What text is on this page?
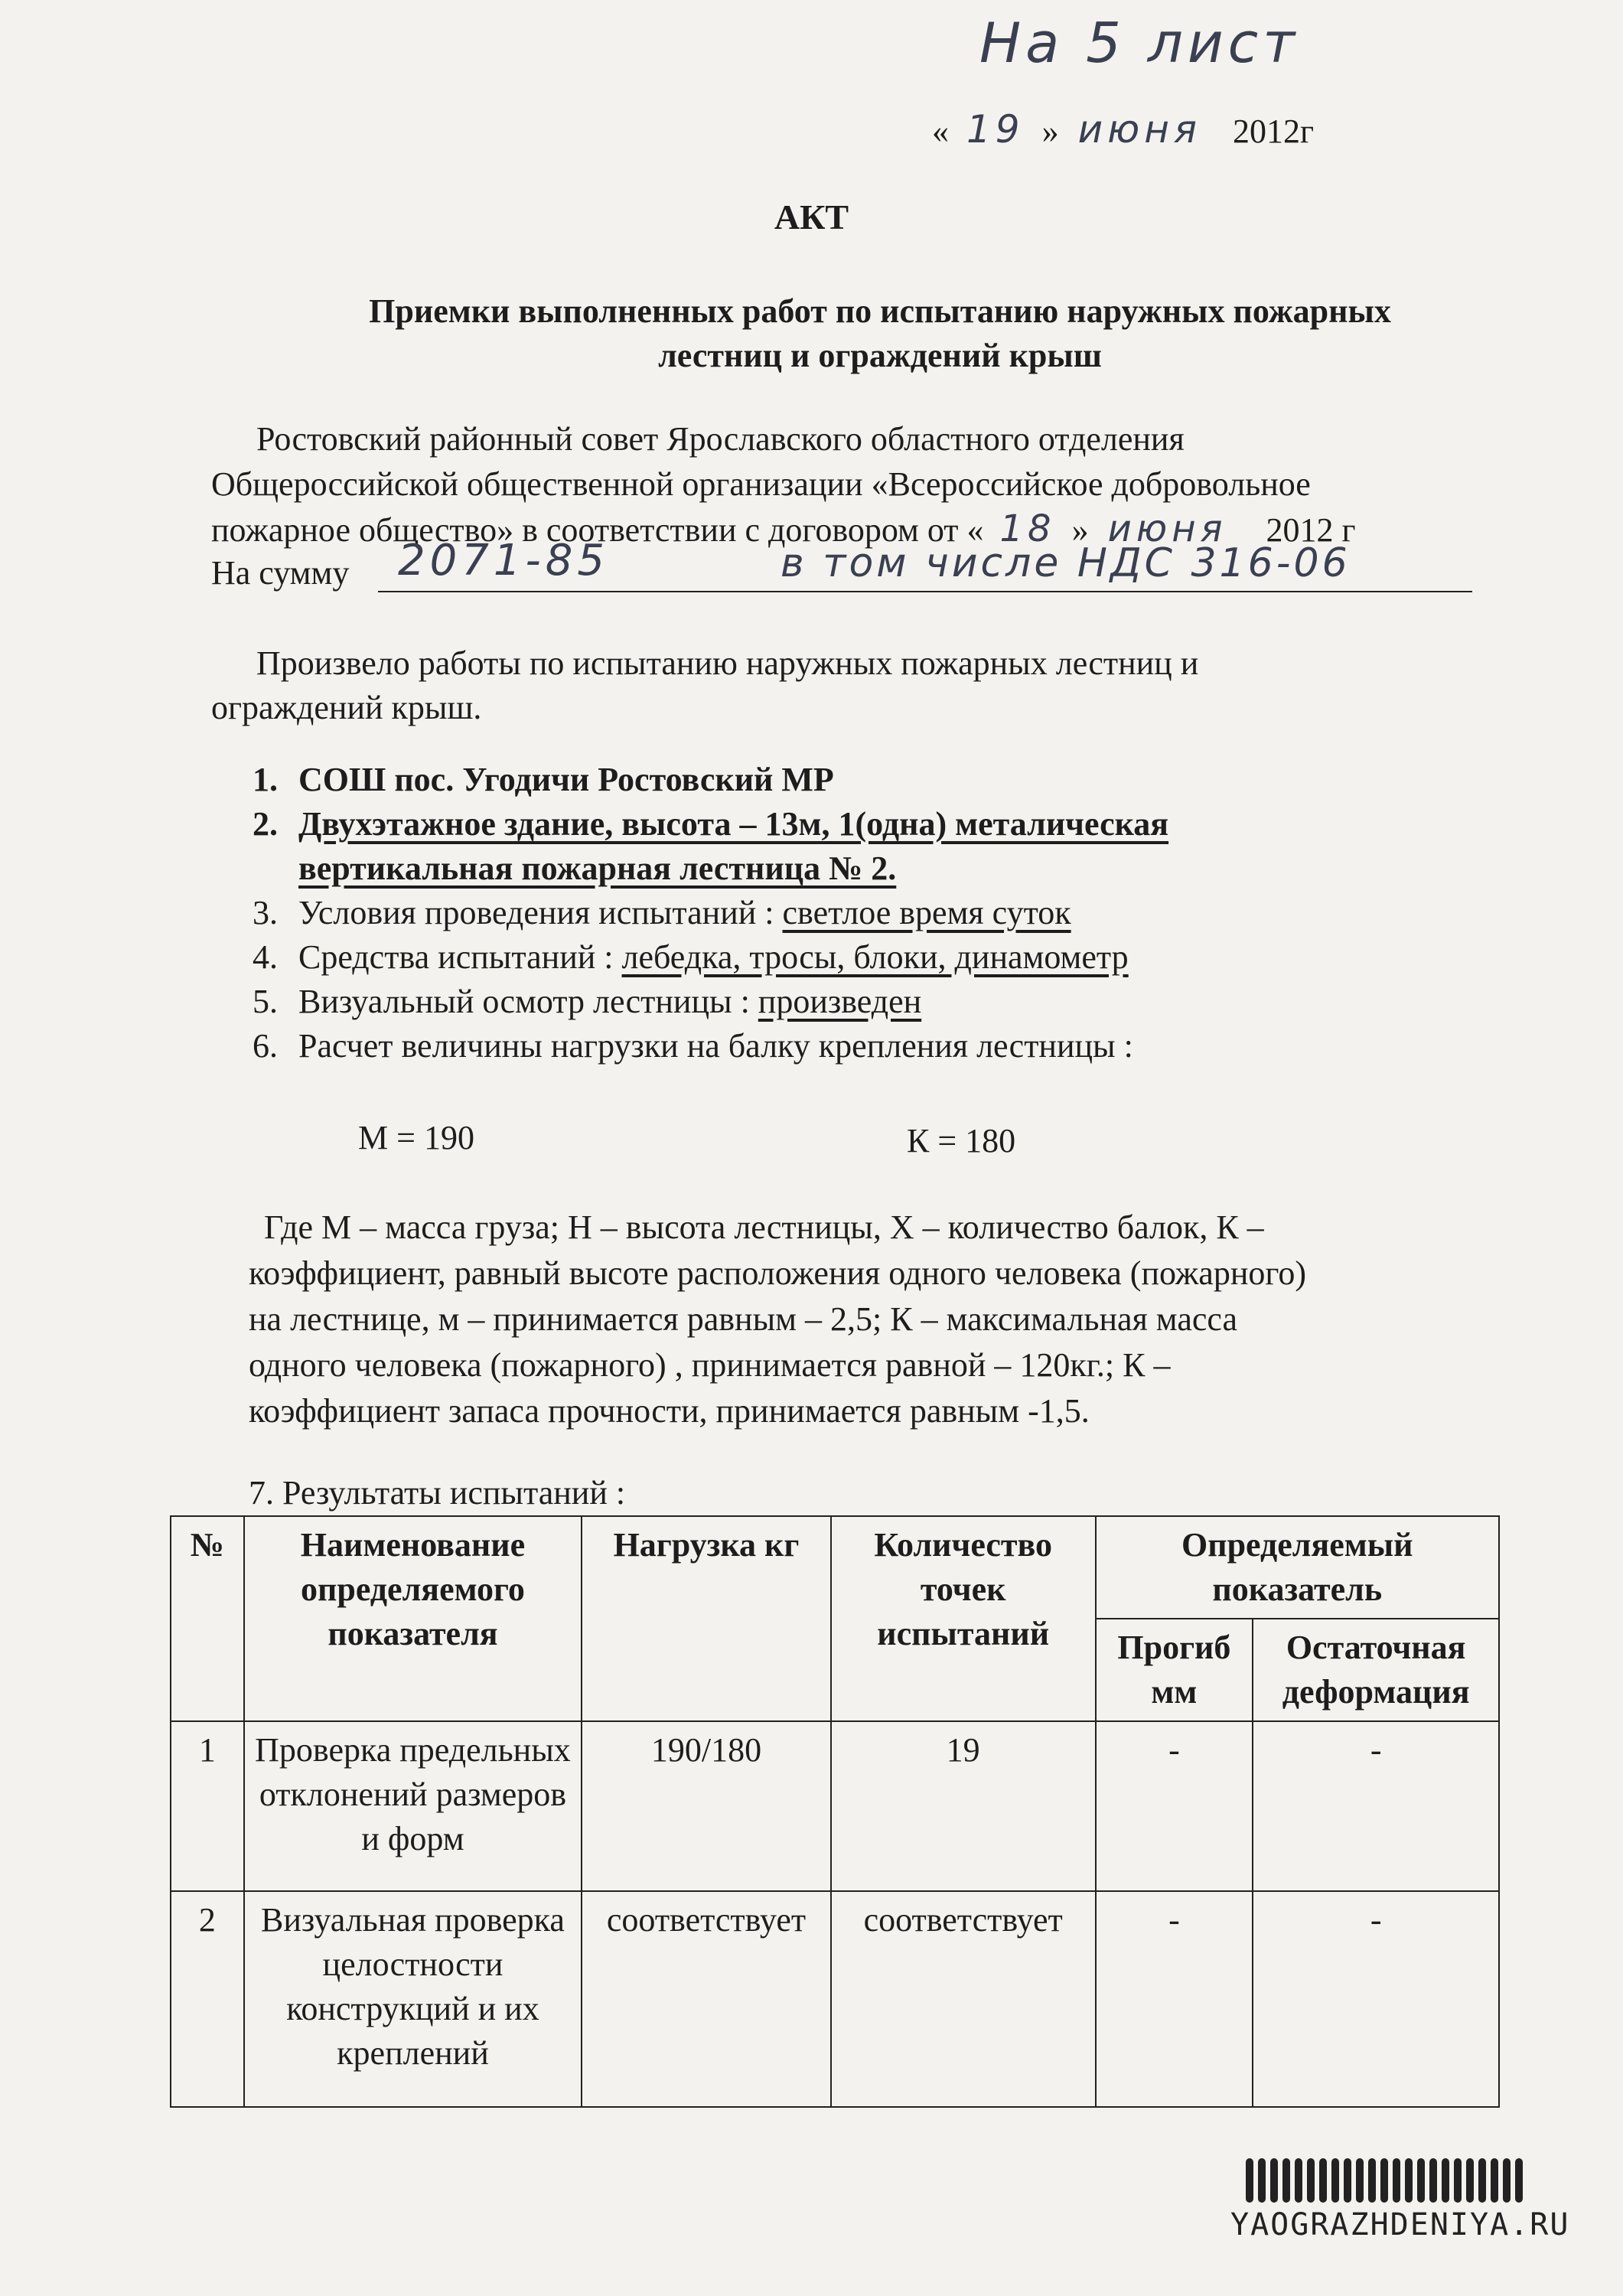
На 5 лист
« 19 » июня 2012г
АКТ
Приемки выполненных работ по испытанию наружных пожарных
лестниц и ограждений крыш
Ростовский районный совет Ярославского областного отделения
Общероссийской общественной организации «Всероссийское добровольное
пожарное общество» в соответствии с договором от « 18 » июня 2012 г
На сумму 2071-85	в том числе НДС 316-06
Произвело работы по испытанию наружных пожарных лестниц и
ограждений крыш.
1. СОШ пос. Угодичи Ростовский МР
2. Двухэтажное здание, высота – 13м, 1(одна) металическая
вертикальная пожарная лестница № 2.
3. Условия проведения испытаний : светлое время суток
4. Средства испытаний : лебедка, тросы, блоки, динамометр
5. Визуальный осмотр лестницы : произведен
6. Расчет величины нагрузки на балку крепления лестницы :
М = 190	К = 180
Где М – масса груза; Н – высота лестницы, Х – количество балок, К –
коэффициент, равный высоте расположения одного человека (пожарного)
на лестнице, м – принимается равным – 2,5; К – максимальная масса
одного человека (пожарного) , принимается равной – 120кг.; К –
коэффициент запаса прочности, принимается равным -1,5.
7. Результаты испытаний :
№	Наименование определяемого показателя	Нагрузка кг	Количество точек испытаний	Определяемый показатель	
				Прогиб мм	Остаточная деформация
1	Проверка предельных отклонений размеров и форм	190/180	19	-	-
2	Визуальная проверка целостности конструкций и их креплений	соответствует	соответствует	-	-
YAOGRAZHDENIYA.RU
